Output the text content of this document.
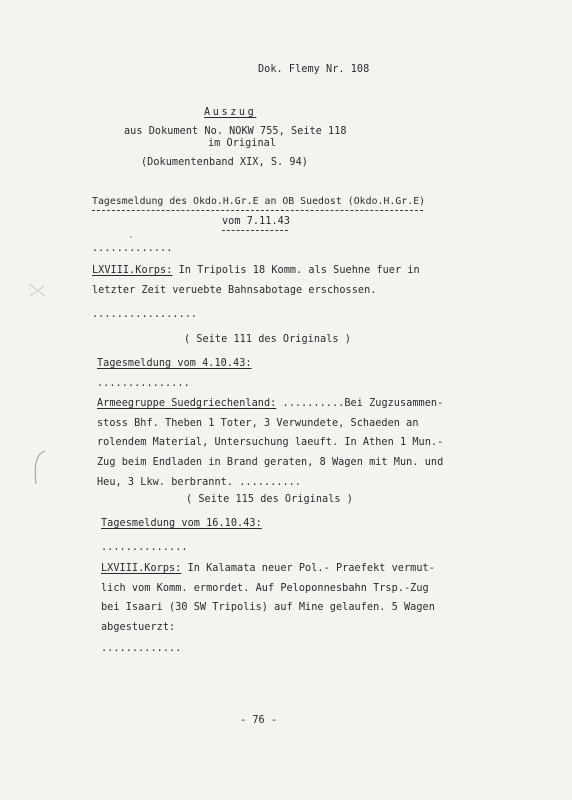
Dok. Flemy Nr. 108
Auszug
aus Dokument No. NOKW 755, Seite 118
im Original
(Dokumentenband XIX, S. 94)
Tagesmeldung des Okdo.H.Gr.E an OB Suedost (Okdo.H.Gr.E)
vom 7.11.43
.............
LXVIII.Korps: In Tripolis 18 Komm. als Suehne fuer in
letzter Zeit veruebte Bahnsabotage erschossen.
.................
( Seite 111 des Originals )
Tagesmeldung vom 4.10.43:
...............
Armeegruppe Suedgriechenland: ..........Bei Zugzusammen-
stoss Bhf. Theben 1 Toter, 3 Verwundete, Schaeden an
rolendem Material, Untersuchung laeuft. In Athen 1 Mun.-
Zug beim Endladen in Brand geraten, 8 Wagen mit Mun. und
Heu, 3 Lkw. berbrannt. ..........
( Seite 115 des Originals )
Tagesmeldung vom 16.10.43:
..............
LXVIII.Korps: In Kalamata neuer Pol.- Praefekt vermut-
lich vom Komm. ermordet. Auf Peloponnesbahn Trsp.-Zug
bei Isaari (30 SW Tripolis) auf Mine gelaufen. 5 Wagen
abgestuerzt:
.............
- 76 -
